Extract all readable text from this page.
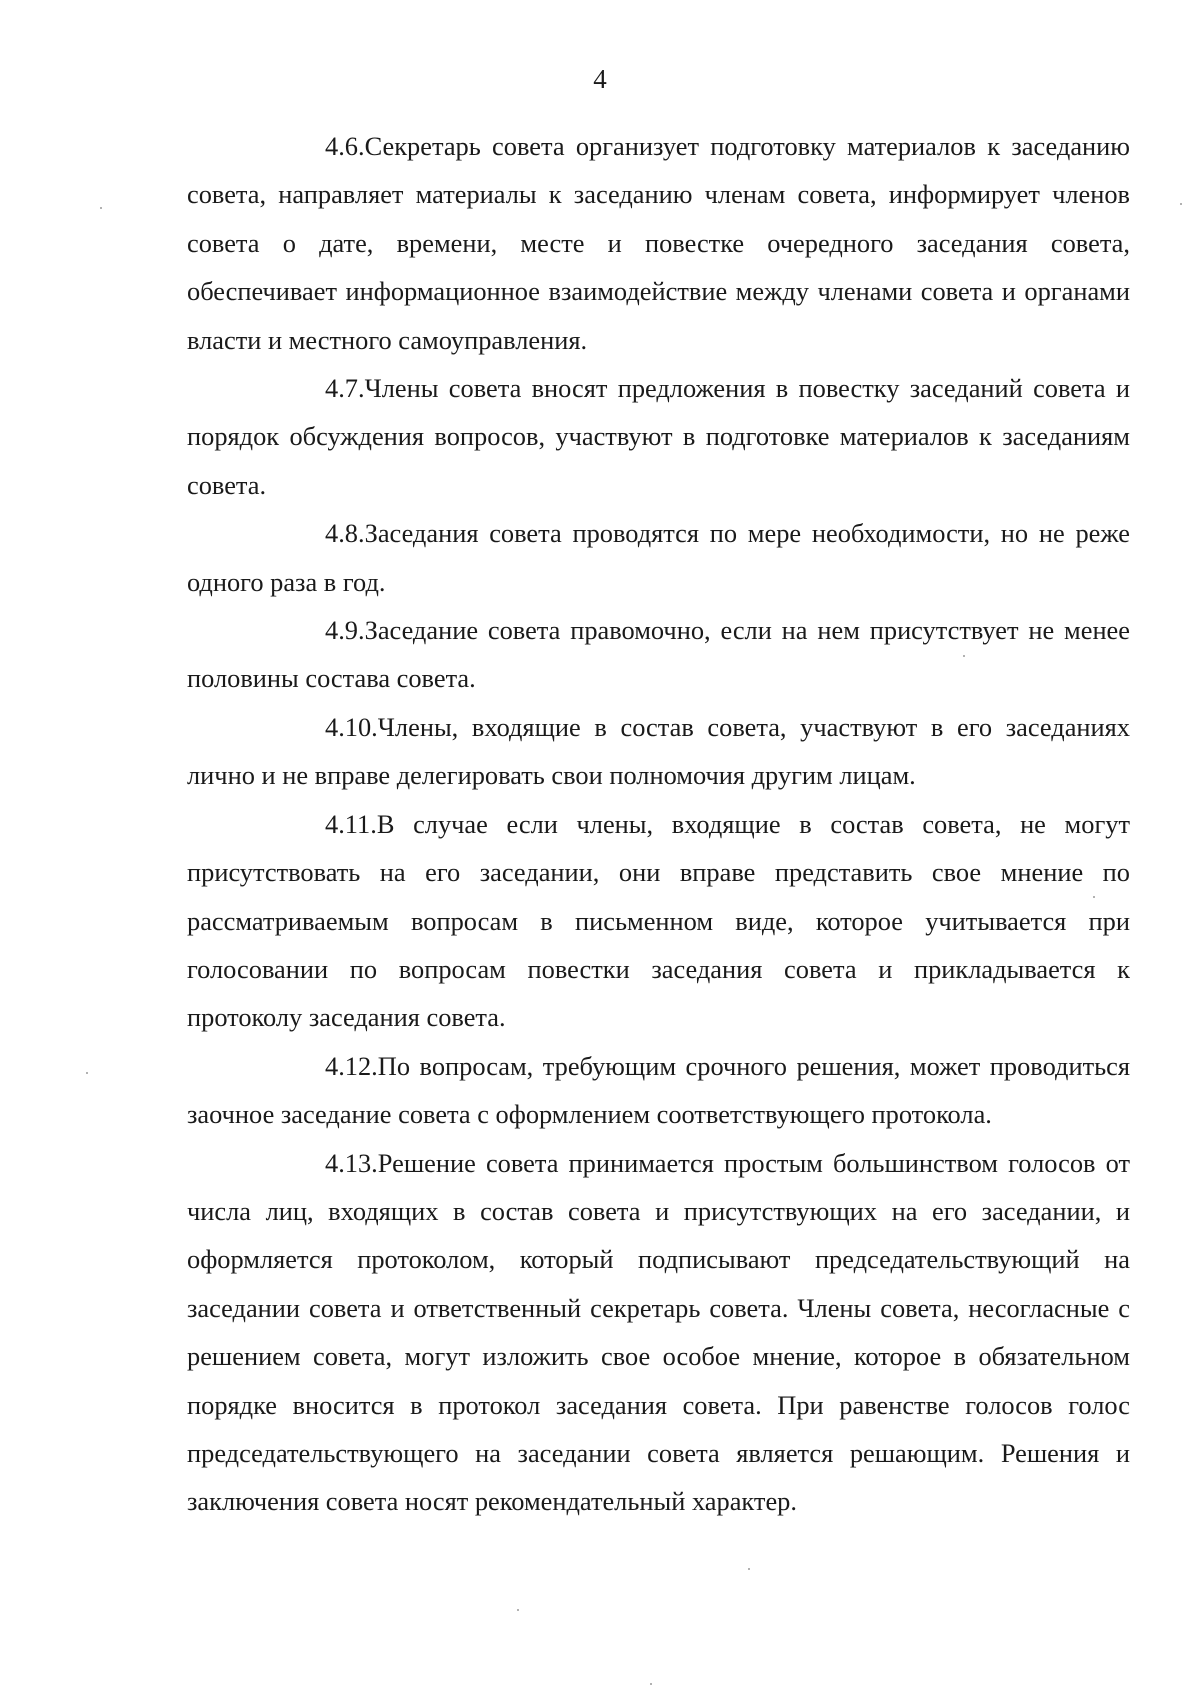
4

4.6.Секретарь совета организует подготовку материалов к заседанию совета, направляет материалы к заседанию членам совета, информирует членов совета о дате, времени, месте и повестке очередного заседания совета, обеспечивает информационное взаимодействие между членами совета и органами власти и местного самоуправления.

4.7.Члены совета вносят предложения в повестку заседаний совета и порядок обсуждения вопросов, участвуют в подготовке материалов к заседаниям совета.

4.8.Заседания совета проводятся по мере необходимости, но не реже одного раза в год.

4.9.Заседание совета правомочно, если на нем присутствует не менее половины состава совета.

4.10.Члены, входящие в состав совета, участвуют в его заседаниях лично и не вправе делегировать свои полномочия другим лицам.

4.11.В случае если члены, входящие в состав совета, не могут присутствовать на его заседании, они вправе представить свое мнение по рассматриваемым вопросам в письменном виде, которое учитывается при голосовании по вопросам повестки заседания совета и прикладывается к протоколу заседания совета.

4.12.По вопросам, требующим срочного решения, может проводиться заочное заседание совета с оформлением соответствующего протокола.

4.13.Решение совета принимается простым большинством голосов от числа лиц, входящих в состав совета и присутствующих на его заседании, и оформляется протоколом, который подписывают председательствующий на заседании совета и ответственный секретарь совета. Члены совета, несогласные с решением совета, могут изложить свое особое мнение, которое в обязательном порядке вносится в протокол заседания совета. При равенстве голосов голос председательствующего на заседании совета является решающим. Решения и заключения совета носят рекомендательный характер.
